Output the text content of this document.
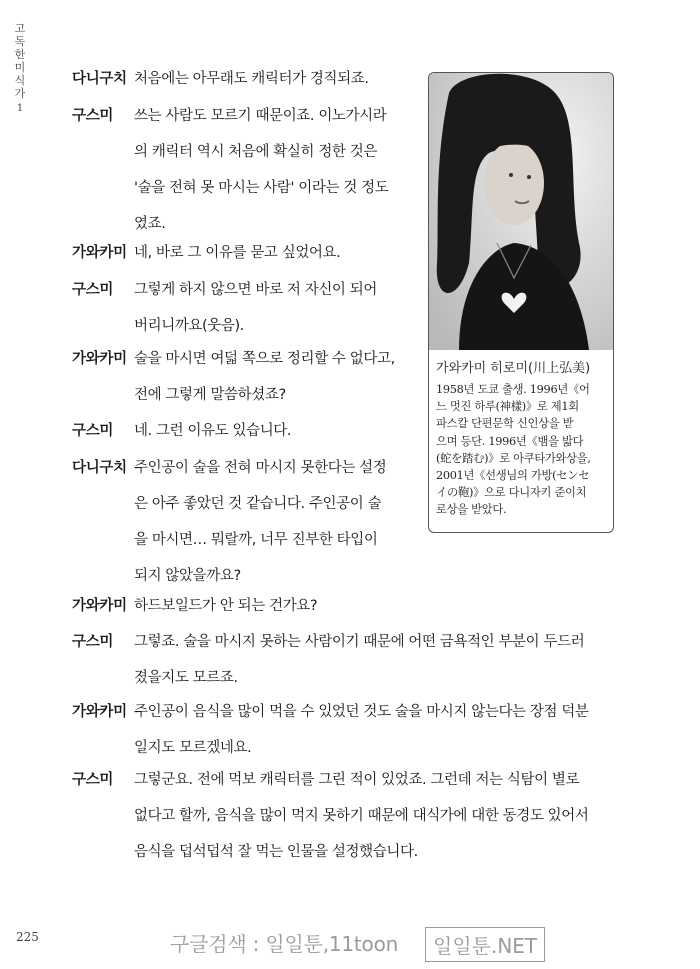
고독한미식가
1
다니구치 처음에는 아무래도 캐릭터가 경직되죠.
구스미 쓰는 사람도 모르기 때문이죠. 이노가시라
의 캐릭터 역시 처음에 확실히 정한 것은
'술을 전혀 못 마시는 사람' 이라는 것 정도
였죠.
가와카미 네, 바로 그 이유를 묻고 싶었어요.
구스미 그렇게 하지 않으면 바로 저 자신이 되어
버리니까요(웃음).
가와카미 술을 마시면 여덟 쪽으로 정리할 수 없다고,
전에 그렇게 말씀하셨죠?
구스미 네. 그런 이유도 있습니다.
다니구치 주인공이 술을 전혀 마시지 못한다는 설정
은 아주 좋았던 것 같습니다. 주인공이 술
을 마시면… 뭐랄까, 너무 진부한 타입이
되지 않았을까요?
가와카미 하드보일드가 안 되는 건가요?
구스미 그렇죠. 술을 마시지 못하는 사람이기 때문에 어떤 금욕적인 부분이 두드러
졌을지도 모르죠.
가와카미 주인공이 음식을 많이 먹을 수 있었던 것도 술을 마시지 않는다는 장점 덕분
일지도 모르겠네요.
구스미 그렇군요. 전에 먹보 캐릭터를 그린 적이 있었죠. 그런데 저는 식탐이 별로
없다고 할까, 음식을 많이 먹지 못하기 때문에 대식가에 대한 동경도 있어서
음식을 덥석덥석 잘 먹는 인물을 설정했습니다.
가와카미 히로미(川上弘美)
1958년 도쿄 출생. 1996년《어
느 멋진 하루(神樣)》로 제1회
파스칼 단편문학 신인상을 받
으며 등단. 1996년《뱀을 밟다
(蛇を踏む)》로 아쿠타가와상을,
2001년《선생님의 가방(センセ
イの鞄)》으로 다니자키 준이치
로상을 받았다.
225	구글검색 : 일일툰,11toon	일일툰.NET
